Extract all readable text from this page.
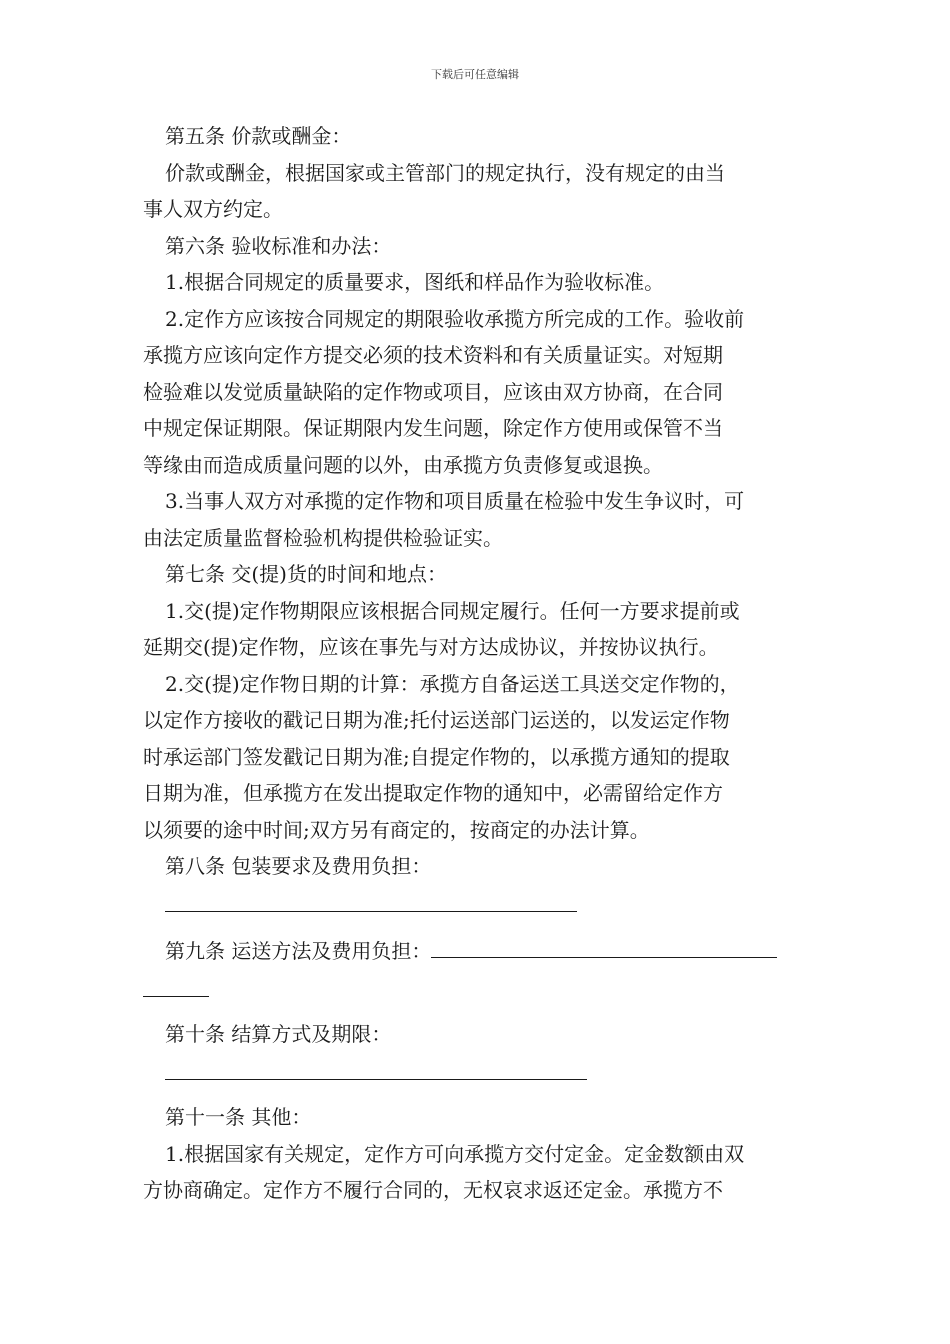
下载后可任意编辑

第五条 价款或酬金：

价款或酬金，根据国家或主管部门的规定执行，没有规定的由当

事人双方约定。

第六条 验收标准和办法：

1.根据合同规定的质量要求，图纸和样品作为验收标准。

2.定作方应该按合同规定的期限验收承揽方所完成的工作。验收前

承揽方应该向定作方提交必须的技术资料和有关质量证实。对短期

检验难以发觉质量缺陷的定作物或项目，应该由双方协商，在合同

中规定保证期限。保证期限内发生问题，除定作方使用或保管不当

等缘由而造成质量问题的以外，由承揽方负责修复或退换。

3.当事人双方对承揽的定作物和项目质量在检验中发生争议时，可

由法定质量监督检验机构提供检验证实。

第七条 交(提)货的时间和地点：

1.交(提)定作物期限应该根据合同规定履行。任何一方要求提前或

延期交(提)定作物，应该在事先与对方达成协议，并按协议执行。

2.交(提)定作物日期的计算：承揽方自备运送工具送交定作物的，

以定作方接收的戳记日期为准;托付运送部门运送的，以发运定作物

时承运部门签发戳记日期为准;自提定作物的，以承揽方通知的提取

日期为准，但承揽方在发出提取定作物的通知中，必需留给定作方

以须要的途中时间;双方另有商定的，按商定的办法计算。

第八条 包装要求及费用负担：

第九条 运送方法及费用负担：

第十条 结算方式及期限：

第十一条 其他：

1.根据国家有关规定，定作方可向承揽方交付定金。定金数额由双

方协商确定。定作方不履行合同的，无权哀求返还定金。承揽方不
